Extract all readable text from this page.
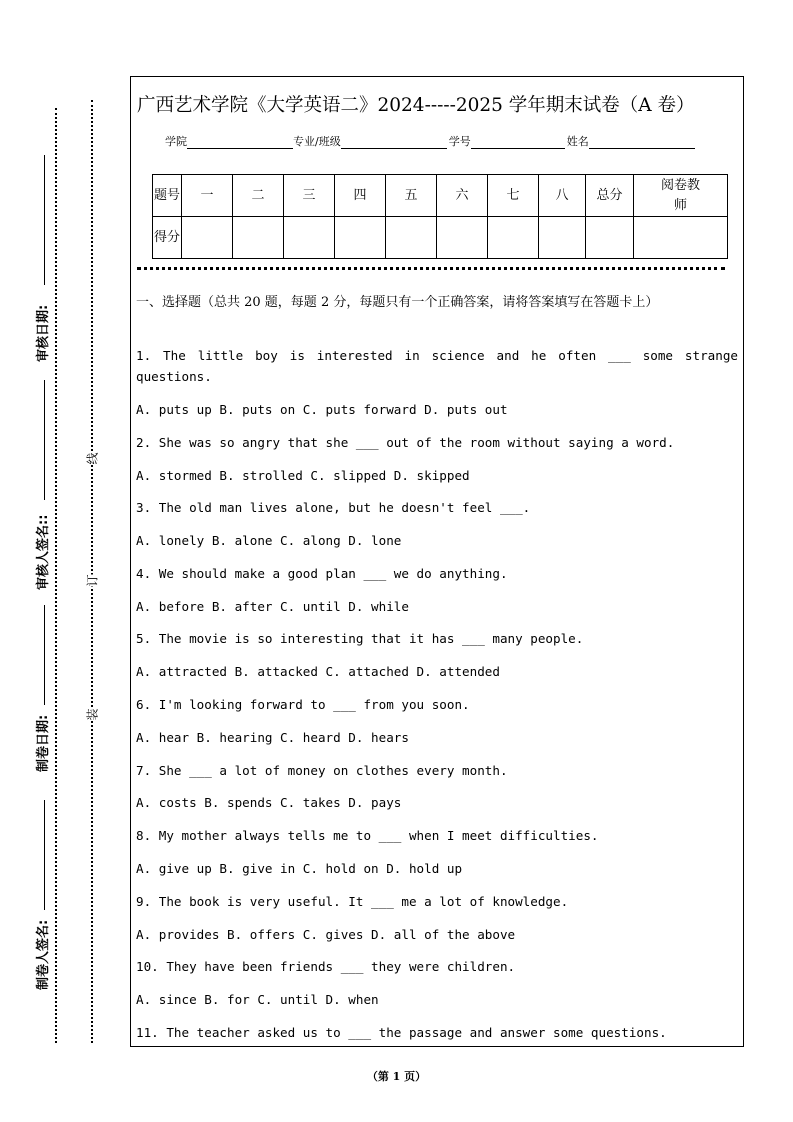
审核日期:
审核人签名::
制卷日期:
制卷人签名:
线
订
装
广西艺术学院《大学英语二》2024-----2025 学年期末试卷（A 卷）
学院	专业/班级	学号	姓名
题号	一	二	三	四	五	六	七	八	总分	阅卷教师
得分										
一、选择题（总共 20 题，每题 2 分，每题只有一个正确答案，请将答案填写在答题卡上）
1. The little boy is interested in science and he often ___ some strange questions.
A. puts up B. puts on C. puts forward D. puts out
2. She was so angry that she ___ out of the room without saying a word.
A. stormed B. strolled C. slipped D. skipped
3. The old man lives alone, but he doesn't feel ___.
A. lonely B. alone C. along D. lone
4. We should make a good plan ___ we do anything.
A. before B. after C. until D. while
5. The movie is so interesting that it has ___ many people.
A. attracted B. attacked C. attached D. attended
6. I'm looking forward to ___ from you soon.
A. hear B. hearing C. heard D. hears
7. She ___ a lot of money on clothes every month.
A. costs B. spends C. takes D. pays
8. My mother always tells me to ___ when I meet difficulties.
A. give up B. give in C. hold on D. hold up
9. The book is very useful. It ___ me a lot of knowledge.
A. provides B. offers C. gives D. all of the above
10. They have been friends ___ they were children.
A. since B. for C. until D. when
11. The teacher asked us to ___ the passage and answer some questions.
（第 1 页）
